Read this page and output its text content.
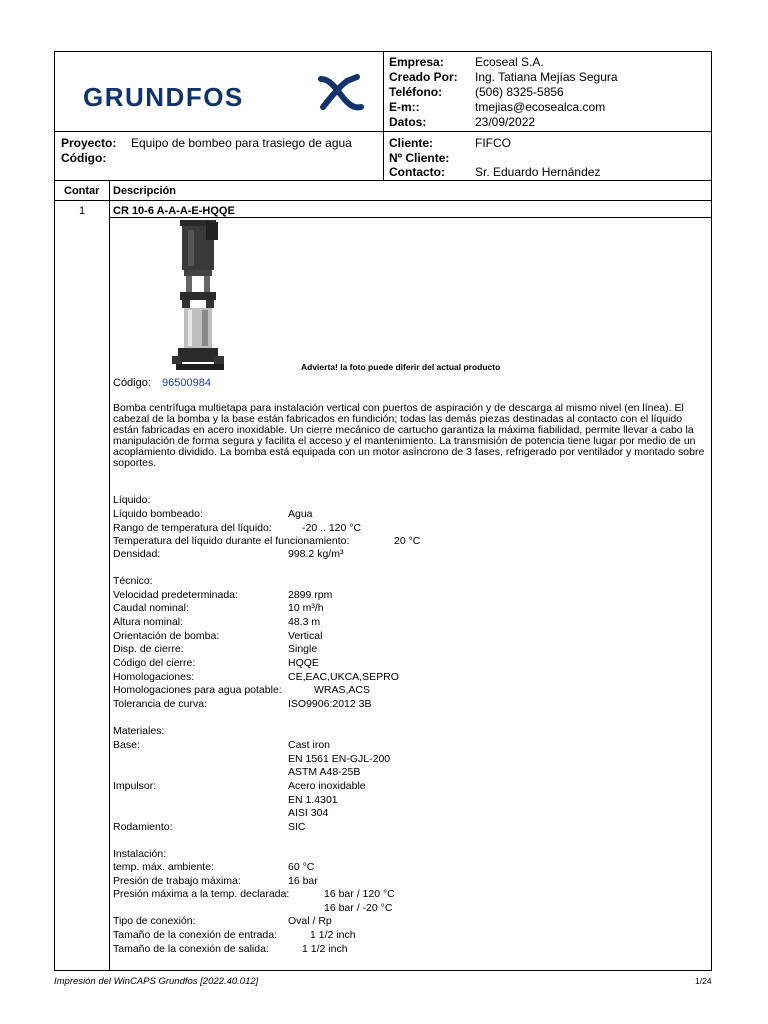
GRUNDFOS
Empresa:	Ecoseal S.A.
Creado Por: Ing. Tatiana Mejías Segura
Teléfono:	(506) 8325-5856
E-m::	tmejias@ecosealca.com
Datos:	23/09/2022
Proyecto: Equipo de bombeo para trasiego de agua
Código:
Cliente:	FIFCO
Nº Cliente:
Contacto:	Sr. Eduardo Hernández
Contar Descripción
1	CR 10-6 A-A-A-E-HQQE
Advierta! la foto puede diferir del actual producto
Código: 96500984
Bomba centrífuga multietapa para instalación vertical con puertos de aspiración y de descarga al mismo nivel (en línea). El cabezal de la bomba y la base están fabricados en fundición; todas las demás piezas destinadas al contacto con el líquido están fabricadas en acero inoxidable. Un cierre mecánico de cartucho garantiza la máxima fiabilidad, permite llevar a cabo la manipulación de forma segura y facilita el acceso y el mantenimiento. La transmisión de potencia tiene lugar por medio de un acoplamiento dividido. La bomba está equipada con un motor asíncrono de 3 fases, refrigerado por ventilador y montado sobre soportes.
Líquido:
Líquido bombeado:	Agua
Rango de temperatura del líquido:	-20 .. 120 °C
Temperatura del líquido durante el funcionamiento:	20 °C
Densidad:	998.2 kg/m³
Técnico:
Velocidad predeterminada:	2899 rpm
Caudal nominal:	10 m³/h
Altura nominal:	48.3 m
Orientación de bomba:	Vertical
Disp. de cierre:	Single
Código del cierre:	HQQE
Homologaciones:	CE,EAC,UKCA,SEPRO
Homologaciones para agua potable:	WRAS,ACS
Tolerancia de curva:	ISO9906:2012 3B
Materiales:
Base:	Cast iron
EN 1561 EN-GJL-200
ASTM A48-25B
Impulsor:	Acero inoxidable
EN 1.4301
AISI 304
Rodamiento:	SIC
Instalación:
temp. máx. ambiente:	60 °C
Presión de trabajo máxima:	16 bar
Presión máxima a la temp. declarada:	16 bar / 120 °C
16 bar / -20 °C
Tipo de conexión:	Oval / Rp
Tamaño de la conexión de entrada:	1 1/2 inch
Tamaño de la conexión de salida:	1 1/2 inch
Impresión del WinCAPS Grundfos [2022.40.012]	1/24
